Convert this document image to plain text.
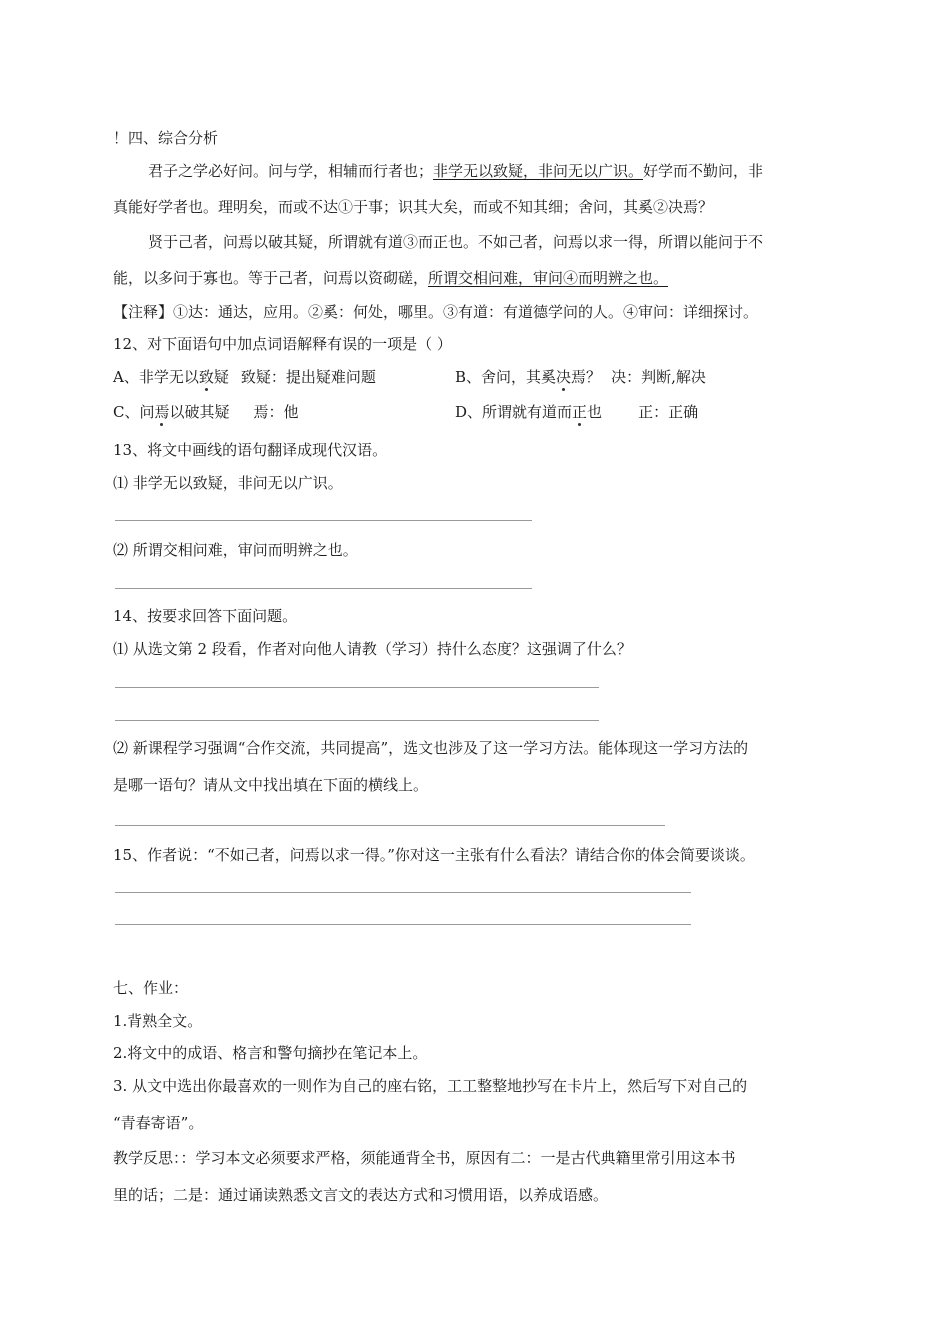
！四、综合分析
君子之学必好问。问与学，相辅而行者也；非学无以致疑，非问无以广识。好学而不勤问，非
真能好学者也。理明矣，而或不达①于事；识其大矣，而或不知其细；舍问，其奚②决焉？
贤于己者，问焉以破其疑，所谓就有道③而正也。不如己者，问焉以求一得，所谓以能问于不
能，以多问于寡也。等于己者，问焉以资砌磋，所谓交相问难，审问④而明辨之也。
【注释】①达：通达，应用。②奚：何处，哪里。③有道：有道德学问的人。④审问：详细探讨。
12、对下面语句中加点词语解释有误的一项是（ ）
A、非学无以致疑 致疑：提出疑难问题	B、舍问，其奚决焉？ 决：判断,解决
C、问焉以破其疑 焉：他	D、所谓就有道而正也 正：正确
13、将文中画线的语句翻译成现代汉语。
⑴ 非学无以致疑，非问无以广识。
⑵ 所谓交相问难，审问而明辨之也。
14、按要求回答下面问题。
⑴ 从选文第 2 段看，作者对向他人请教（学习）持什么态度？这强调了什么？
⑵ 新课程学习强调“合作交流，共同提高”，选文也涉及了这一学习方法。能体现这一学习方法的
是哪一语句？请从文中找出填在下面的横线上。
15、作者说：“不如己者，问焉以求一得。”你对这一主张有什么看法？请结合你的体会简要谈谈。
七、作业：
1.背熟全文。
2.将文中的成语、格言和警句摘抄在笔记本上。
3. 从文中选出你最喜欢的一则作为自己的座右铭，工工整整地抄写在卡片上，然后写下对自己的
“青春寄语”。
教学反思：：学习本文必须要求严格，须能通背全书，原因有二：一是古代典籍里常引用这本书
里的话；二是：通过诵读熟悉文言文的表达方式和习惯用语，以养成语感。
